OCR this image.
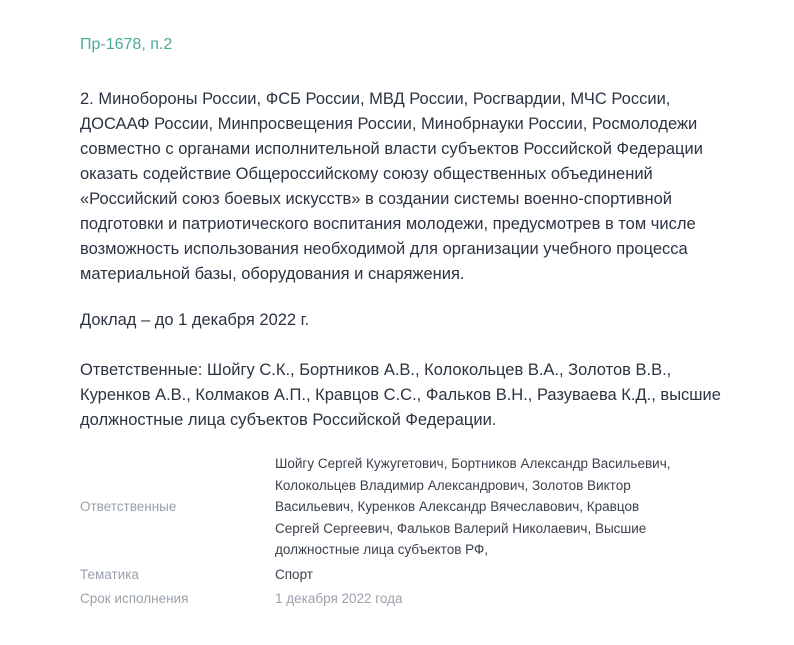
Пр-1678, п.2

2. Минобороны России, ФСБ России, МВД России, Росгвардии, МЧС России, ДОСААФ России, Минпросвещения России, Минобрнауки России, Росмолодежи совместно с органами исполнительной власти субъектов Российской Федерации оказать содействие Общероссийскому союзу общественных объединений «Российский союз боевых искусств» в создании системы военно-спортивной подготовки и патриотического воспитания молодежи, предусмотрев в том числе возможность использования необходимой для организации учебного процесса материальной базы, оборудования и снаряжения.

Доклад – до 1 декабря 2022 г.

Ответственные: Шойгу С.К., Бортников А.В., Колокольцев В.А., Золотов В.В., Куренков А.В., Колмаков А.П., Кравцов С.С., Фальков В.Н., Разуваева К.Д., высшие должностные лица субъектов Российской Федерации.

Ответственные
Шойгу Сергей Кужугетович, Бортников Александр Васильевич, Колокольцев Владимир Александрович, Золотов Виктор Васильевич, Куренков Александр Вячеславович, Кравцов Сергей Сергеевич, Фальков Валерий Николаевич, Высшие должностные лица субъектов РФ,
Тематика	Спорт
Срок исполнения	1 декабря 2022 года
